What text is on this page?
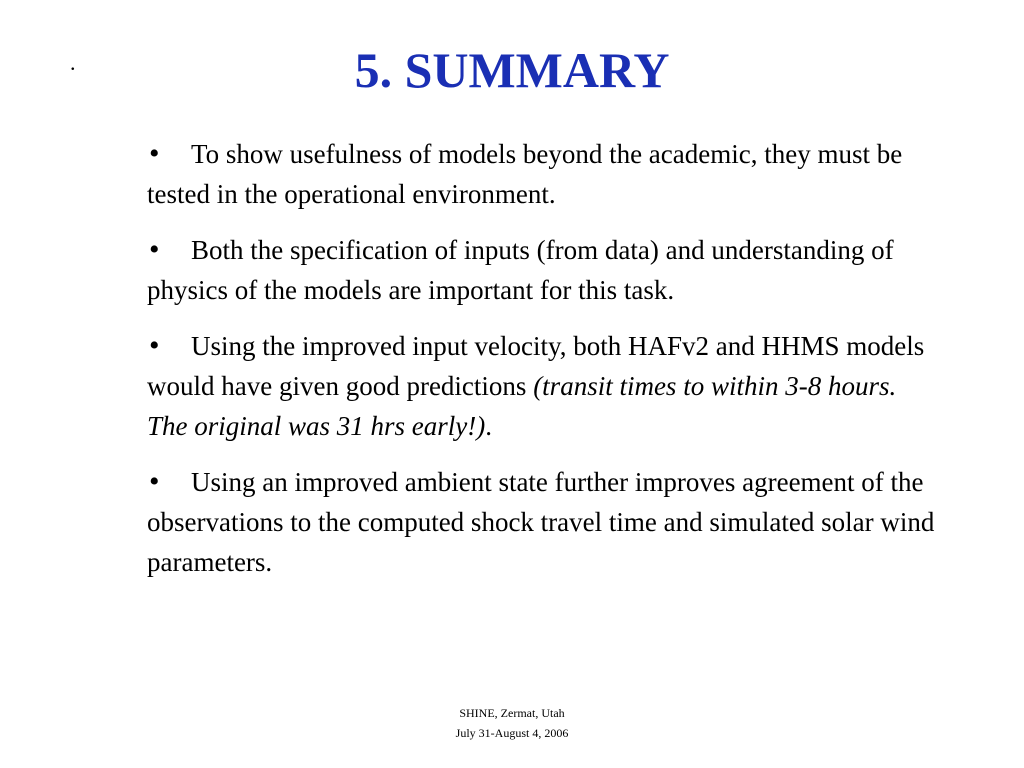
.	5. SUMMARY
• To show usefulness of models beyond the academic, they must be tested in the operational environment.
• Both the specification of inputs (from data) and understanding of physics of the models are important for this task.
• Using the improved input velocity, both HAFv2 and HHMS models would have given good predictions (transit times to within 3-8 hours. The original was 31 hrs early!).
• Using an improved ambient state further improves agreement of the observations to the computed shock travel time and simulated solar wind parameters.
SHINE, Zermat, Utah
July 31-August 4, 2006
